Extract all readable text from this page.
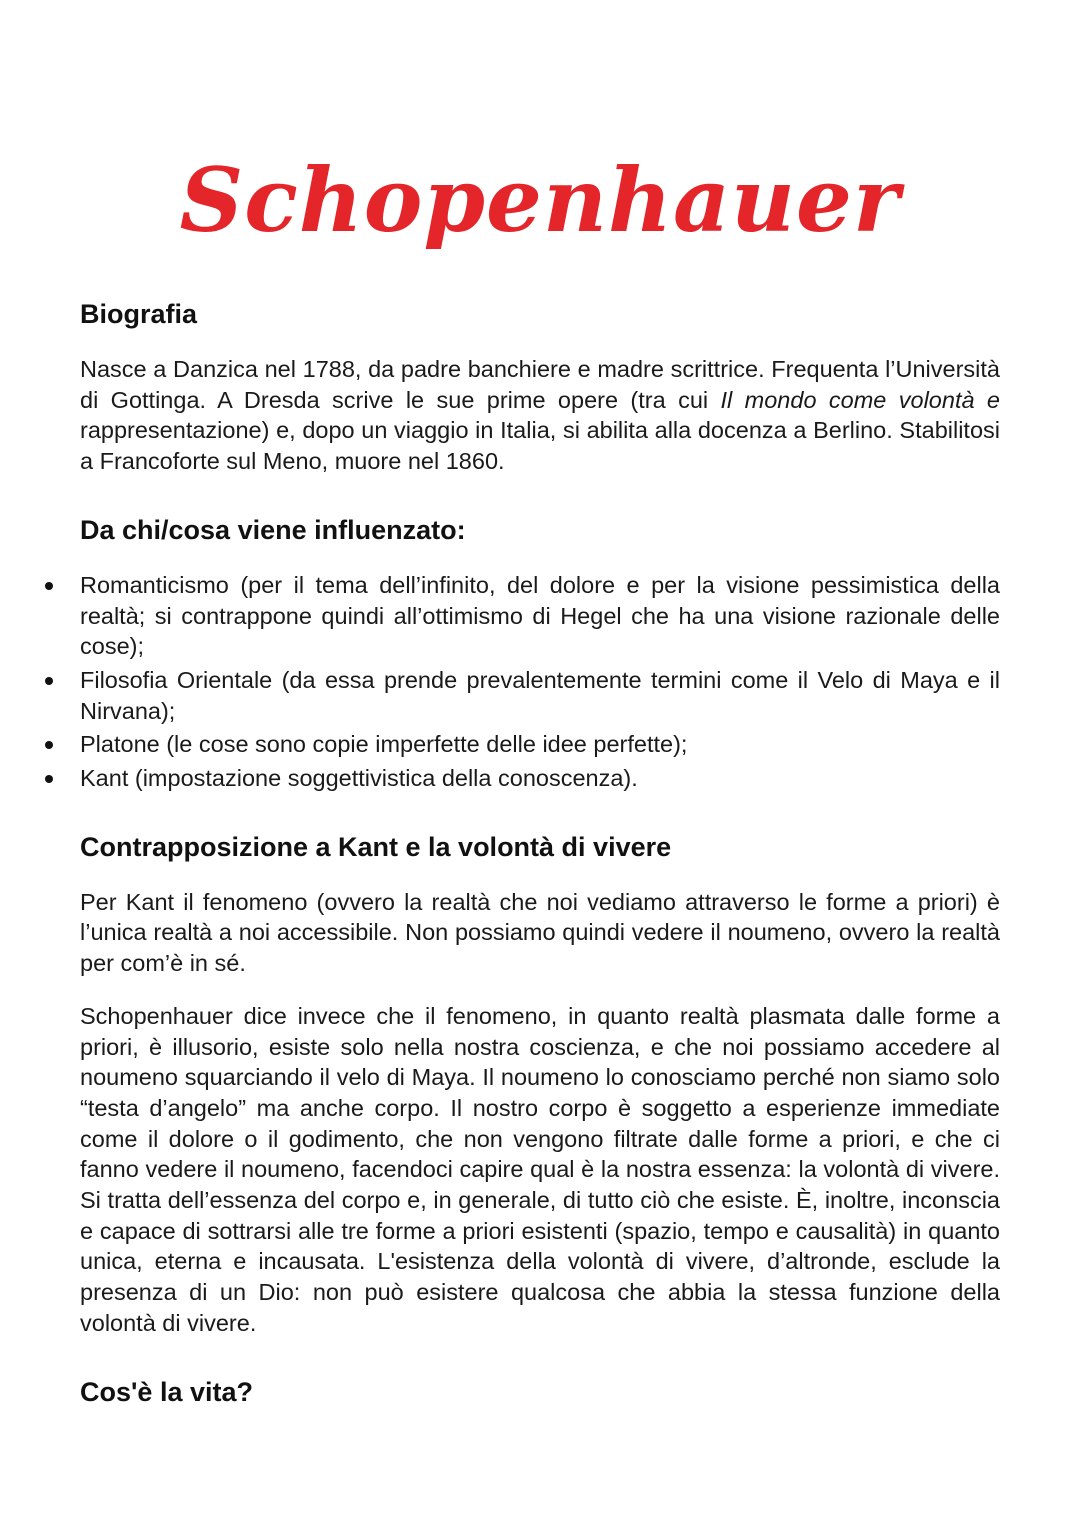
Schopenhauer
Biografia

Nasce a Danzica nel 1788, da padre banchiere e madre scrittrice. Frequenta l’Università di Gottinga. A Dresda scrive le sue prime opere (tra cui Il mondo come volontà e rappresentazione) e, dopo un viaggio in Italia, si abilita alla docenza a Berlino. Stabilitosi a Francoforte sul Meno, muore nel 1860.

Da chi/cosa viene influenzato:
Romanticismo (per il tema dell’infinito, del dolore e per la visione pessimistica della realtà; si contrappone quindi all’ottimismo di Hegel che ha una visione razionale delle cose);
Filosofia Orientale (da essa prende prevalentemente termini come il Velo di Maya e il Nirvana);
Platone (le cose sono copie imperfette delle idee perfette);
Kant (impostazione soggettivistica della conoscenza).
Contrapposizione a Kant e la volontà di vivere

Per Kant il fenomeno (ovvero la realtà che noi vediamo attraverso le forme a priori) è l’unica realtà a noi accessibile. Non possiamo quindi vedere il noumeno, ovvero la realtà per com’è in sé.

Schopenhauer dice invece che il fenomeno, in quanto realtà plasmata dalle forme a priori, è illusorio, esiste solo nella nostra coscienza, e che noi possiamo accedere al noumeno squarciando il velo di Maya. Il noumeno lo conosciamo perché non siamo solo “testa d’angelo” ma anche corpo. Il nostro corpo è soggetto a esperienze immediate come il dolore o il godimento, che non vengono filtrate dalle forme a priori, e che ci fanno vedere il noumeno, facendoci capire qual è la nostra essenza: la volontà di vivere. Si tratta dell’essenza del corpo e, in generale, di tutto ciò che esiste. È, inoltre, inconscia e capace di sottrarsi alle tre forme a priori esistenti (spazio, tempo e causalità) in quanto unica, eterna e incausata. L'esistenza della volontà di vivere, d’altronde, esclude la presenza di un Dio: non può esistere qualcosa che abbia la stessa funzione della volontà di vivere.

Cos'è la vita?
